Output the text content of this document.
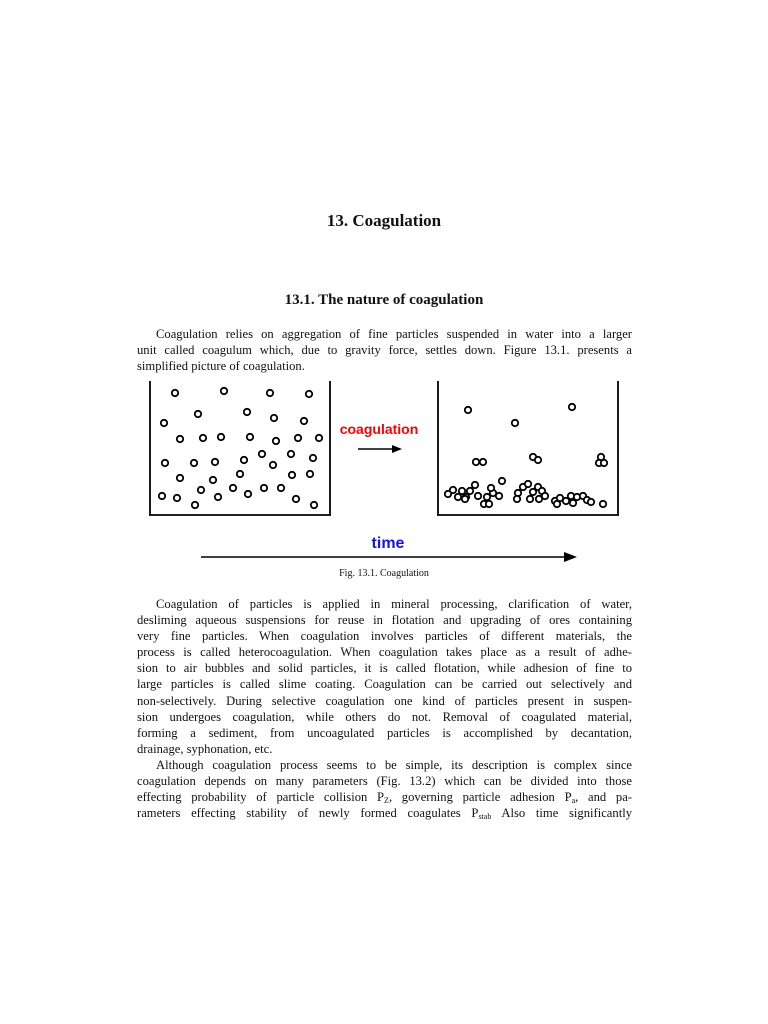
13. Coagulation
13.1. The nature of coagulation
Coagulation relies on aggregation of fine particles suspended in water into a larger
unit called coagulum which, due to gravity force, settles down. Figure 13.1. presents a
simplified picture of coagulation.
coagulation
time
Fig. 13.1. Coagulation
Coagulation of particles is applied in mineral processing, clarification of water,
desliming aqueous suspensions for reuse in flotation and upgrading of ores containing
very fine particles. When coagulation involves particles of different materials, the
process is called heterocoagulation. When coagulation takes place as a result of adhe-
sion to air bubbles and solid particles, it is called flotation, while adhesion of fine to
large particles is called slime coating. Coagulation can be carried out selectively and
non-selectively. During selective coagulation one kind of particles present in suspen-
sion undergoes coagulation, while others do not. Removal of coagulated material,
forming a sediment, from uncoagulated particles is accomplished by decantation,
drainage, syphonation, etc.
Although coagulation process seems to be simple, its description is complex since
coagulation depends on many parameters (Fig. 13.2) which can be divided into those
effecting probability of particle collision $P_Z$, governing particle adhesion $P_a$, and pa-
rameters effecting stability of newly formed coagulates $P_{stab}$ Also time significantly
